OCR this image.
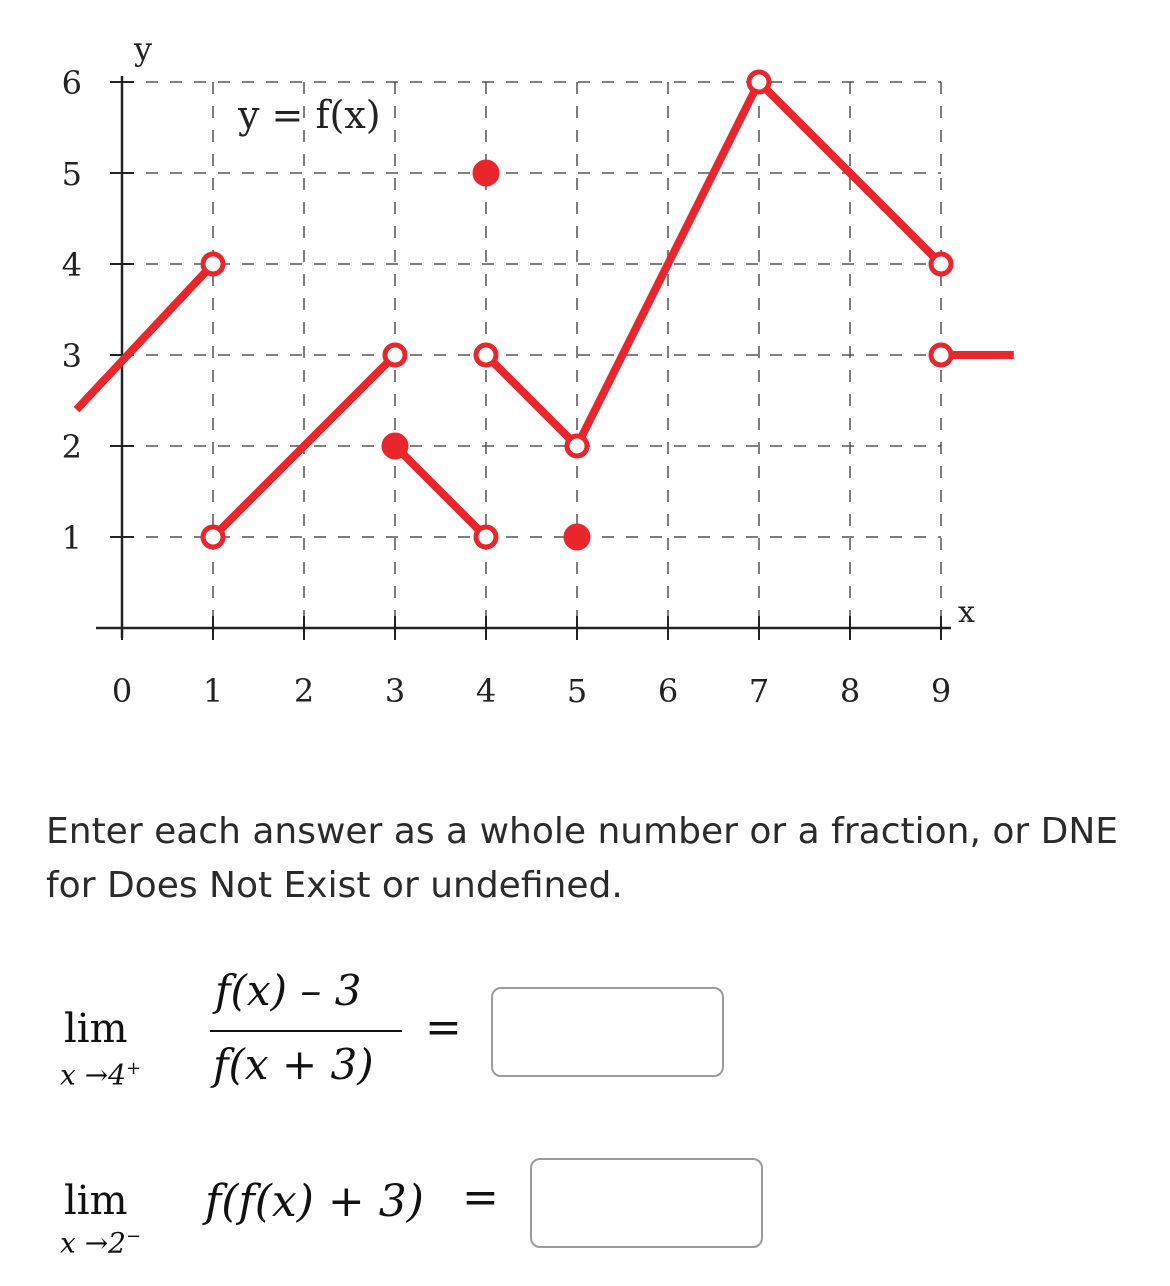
y = f(x)
y
x
0 1 2 3 4 5 6 7 8 9
1
2
3
4
5
6
Enter each answer as a whole number or a fraction, or DNE for Does Not Exist or undefined.
lim
x →4+
f(x) – 3
f(x + 3)
=
lim
x →2−
f(f(x) + 3) =
